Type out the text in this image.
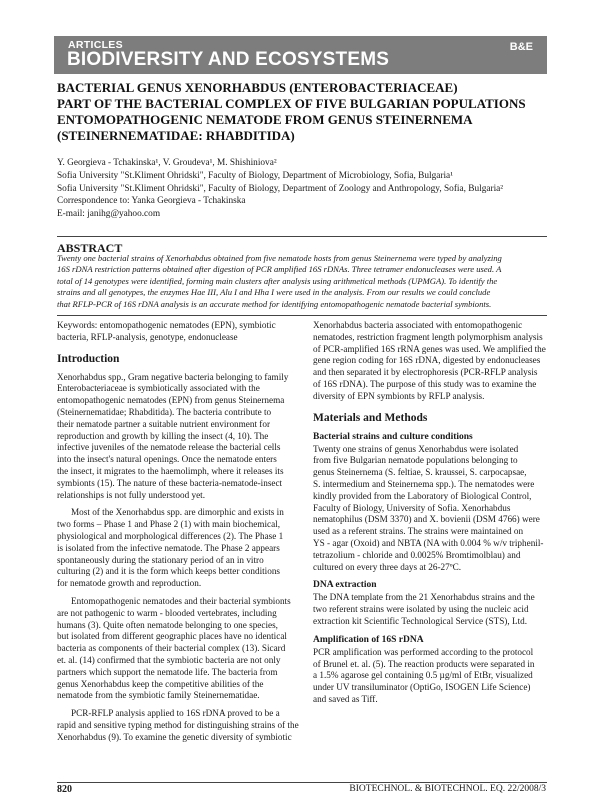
ARTICLES
BIODIVERSITY AND ECOSYSTEMS
B&E
BACTERIAL GENUS XENORHABDUS (ENTEROBACTERIACEAE)
PART OF THE BACTERIAL COMPLEX OF FIVE BULGARIAN POPULATIONS
ENTOMOPATHOGENIC NEMATODE FROM GENUS STEINERNEMA
(STEINERNEMATIDAE: RHABDITIDA)
Y. Georgieva - Tchakinska¹, V. Groudeva¹, M. Shishiniova²
Sofia University "St.Kliment Ohridski", Faculty of Biology, Department of Microbiology, Sofia, Bulgaria¹
Sofia University "St.Kliment Ohridski", Faculty of Biology, Department of Zoology and Anthropology, Sofia, Bulgaria²
Correspondence to: Yanka Georgieva - Tchakinska
E-mail: janihg@yahoo.com
ABSTRACT
Twenty one bacterial strains of Xenorhabdus obtained from five nematode hosts from genus Steinernema were typed by analyzing
16S rDNA restriction patterns obtained after digestion of PCR amplified 16S rDNAs. Three tetramer endonucleases were used. A
total of 14 genotypes were identified, forming main clusters after analysis using arithmetical methods (UPMGA). To identify the
strains and all genotypes, the enzymes Hae III, Alu I and Hha I were used in the analysis. From our results we could conclude
that RFLP-PCR of 16S rDNA analysis is an accurate method for identifying entomopathogenic nematode bacterial symbionts.

Keywords: entomopathogenic nematodes (EPN), symbiotic
bacteria, RFLP-analysis, genotype, endonuclease

Introduction

Xenorhabdus spp., Gram negative bacteria belonging to family
Enterobacteriaceae is symbiotically associated with the
entomopathogenic nematodes (EPN) from genus Steinernema
(Steinernematidae; Rhabditida). The bacteria contribute to
their nematode partner a suitable nutrient environment for
reproduction and growth by killing the insect (4, 10). The
infective juveniles of the nematode release the bacterial cells
into the insect's natural openings. Once the nematode enters
the insect, it migrates to the haemolimph, where it releases its
symbionts (15). The nature of these bacteria-nematode-insect
relationships is not fully understood yet.

Most of the Xenorhabdus spp. are dimorphic and exists in
two forms – Phase 1 and Phase 2 (1) with main biochemical,
physiological and morphological differences (2). The Phase 1
is isolated from the infective nematode. The Phase 2 appears
spontaneously during the stationary period of an in vitro
culturing (2) and it is the form which keeps better conditions
for nematode growth and reproduction.

Entomopathogenic nematodes and their bacterial symbionts
are not pathogenic to warm - blooded vertebrates, including
humans (3). Quite often nematode belonging to one species,
but isolated from different geographic places have no identical
bacteria as components of their bacterial complex (13). Sicard
et. al. (14) confirmed that the symbiotic bacteria are not only
partners which support the nematode life. The bacteria from
genus Xenorhabdus keep the competitive abilities of the
nematode from the symbiotic family Steinernematidae.

PCR-RFLP analysis applied to 16S rDNA proved to be a
rapid and sensitive typing method for distinguishing strains of the
Xenorhabdus (9). To examine the genetic diversity of symbiotic

Xenorhabdus bacteria associated with entomopathogenic
nematodes, restriction fragment length polymorphism analysis
of PCR-amplified 16S rRNA genes was used. We amplified the
gene region coding for 16S rDNA, digested by endonucleases
and then separated it by electrophoresis (PCR-RFLP analysis
of 16S rDNA). The purpose of this study was to examine the
diversity of EPN symbionts by RFLP analysis.

Materials and Methods
Bacterial strains and culture conditions

Twenty one strains of genus Xenorhabdus were isolated
from five Bulgarian nematode populations belonging to
genus Steinernema (S. feltiae, S. kraussei, S. carpocapsae,
S. intermedium and Steinernema spp.). The nematodes were
kindly provided from the Laboratory of Biological Control,
Faculty of Biology, University of Sofia. Xenorhabdus
nematophilus (DSM 3370) and X. bovienii (DSM 4766) were
used as a referent strains. The strains were maintained on
YS - agar (Oxoid) and NBTA (NA with 0.004 % w/v triphenil-
tetrazolium - chloride and 0.0025% Bromtimolblau) and
cultured on every three days at 26-27ºC.

DNA extraction

The DNA template from the 21 Xenorhabdus strains and the
two referent strains were isolated by using the nucleic acid
extraction kit Scientific Technological Service (STS), Ltd.

Amplification of 16S rDNA

PCR amplification was performed according to the protocol
of Brunel et. al. (5). The reaction products were separated in
a 1.5% agarose gel containing 0.5 µg/ml of EtBr, visualized
under UV transiluminator (OptiGo, ISOGEN Life Science)
and saved as Tiff.

820	BIOTECHNOL. & BIOTECHNOL. EQ. 22/2008/3
